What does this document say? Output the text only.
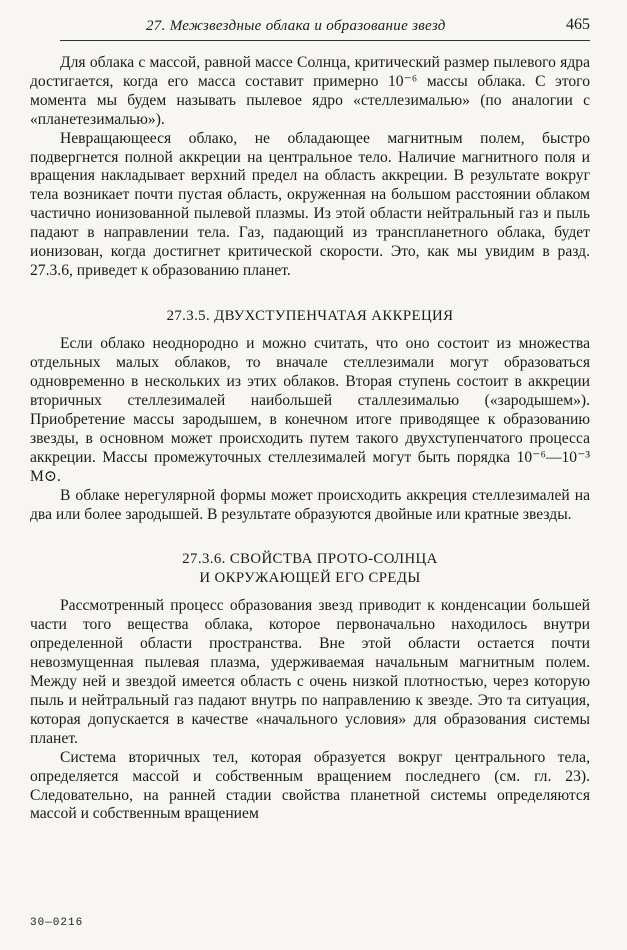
27. Межзвездные облака и образование звезд	465

Для облака с массой, равной массе Солнца, критический размер пылевого ядра достигается, когда его масса составит примерно 10⁻⁶ массы облака. С этого момента мы будем называть пылевое ядро «стеллезималью» (по аналогии с «планетезималью»).

Невращающееся облако, не обладающее магнитным полем, быстро подвергнется полной аккреции на центральное тело. Наличие магнитного поля и вращения накладывает верхний предел на область аккреции. В результате вокруг тела возникает почти пустая область, окруженная на большом расстоянии облаком частично ионизованной пылевой плазмы. Из этой области нейтральный газ и пыль падают в направлении тела. Газ, падающий из транспланетного облака, будет ионизован, когда достигнет критической скорости. Это, как мы увидим в разд. 27.3.6, приведет к образованию планет.

27.3.5. ДВУХСТУПЕНЧАТАЯ АККРЕЦИЯ

Если облако неоднородно и можно считать, что оно состоит из множества отдельных малых облаков, то вначале стеллезимали могут образоваться одновременно в нескольких из этих облаков. Вторая ступень состоит в аккреции вторичных стеллезималей наибольшей сталлезималью («зародышем»). Приобретение массы зародышем, в конечном итоге приводящее к образованию звезды, в основном может происходить путем такого двухступенчатого процесса аккреции. Массы промежуточных стеллезималей могут быть порядка 10⁻⁶—10⁻³ M⊙.

В облаке нерегулярной формы может происходить аккреция стеллезималей на два или более зародышей. В результате образуются двойные или кратные звезды.

27.3.6. СВОЙСТВА ПРОТО-СОЛНЦА
И ОКРУЖАЮЩЕЙ ЕГО СРЕДЫ

Рассмотренный процесс образования звезд приводит к конденсации большей части того вещества облака, которое первоначально находилось внутри определенной области пространства. Вне этой области остается почти невозмущенная пылевая плазма, удерживаемая начальным магнитным полем. Между ней и звездой имеется область с очень низкой плотностью, через которую пыль и нейтральный газ падают внутрь по направлению к звезде. Это та ситуация, которая допускается в качестве «начального условия» для образования системы планет.

Система вторичных тел, которая образуется вокруг центрального тела, определяется массой и собственным вращением последнего (см. гл. 23). Следовательно, на ранней стадии свойства планетной системы определяются массой и собственным вращением

30—0216
